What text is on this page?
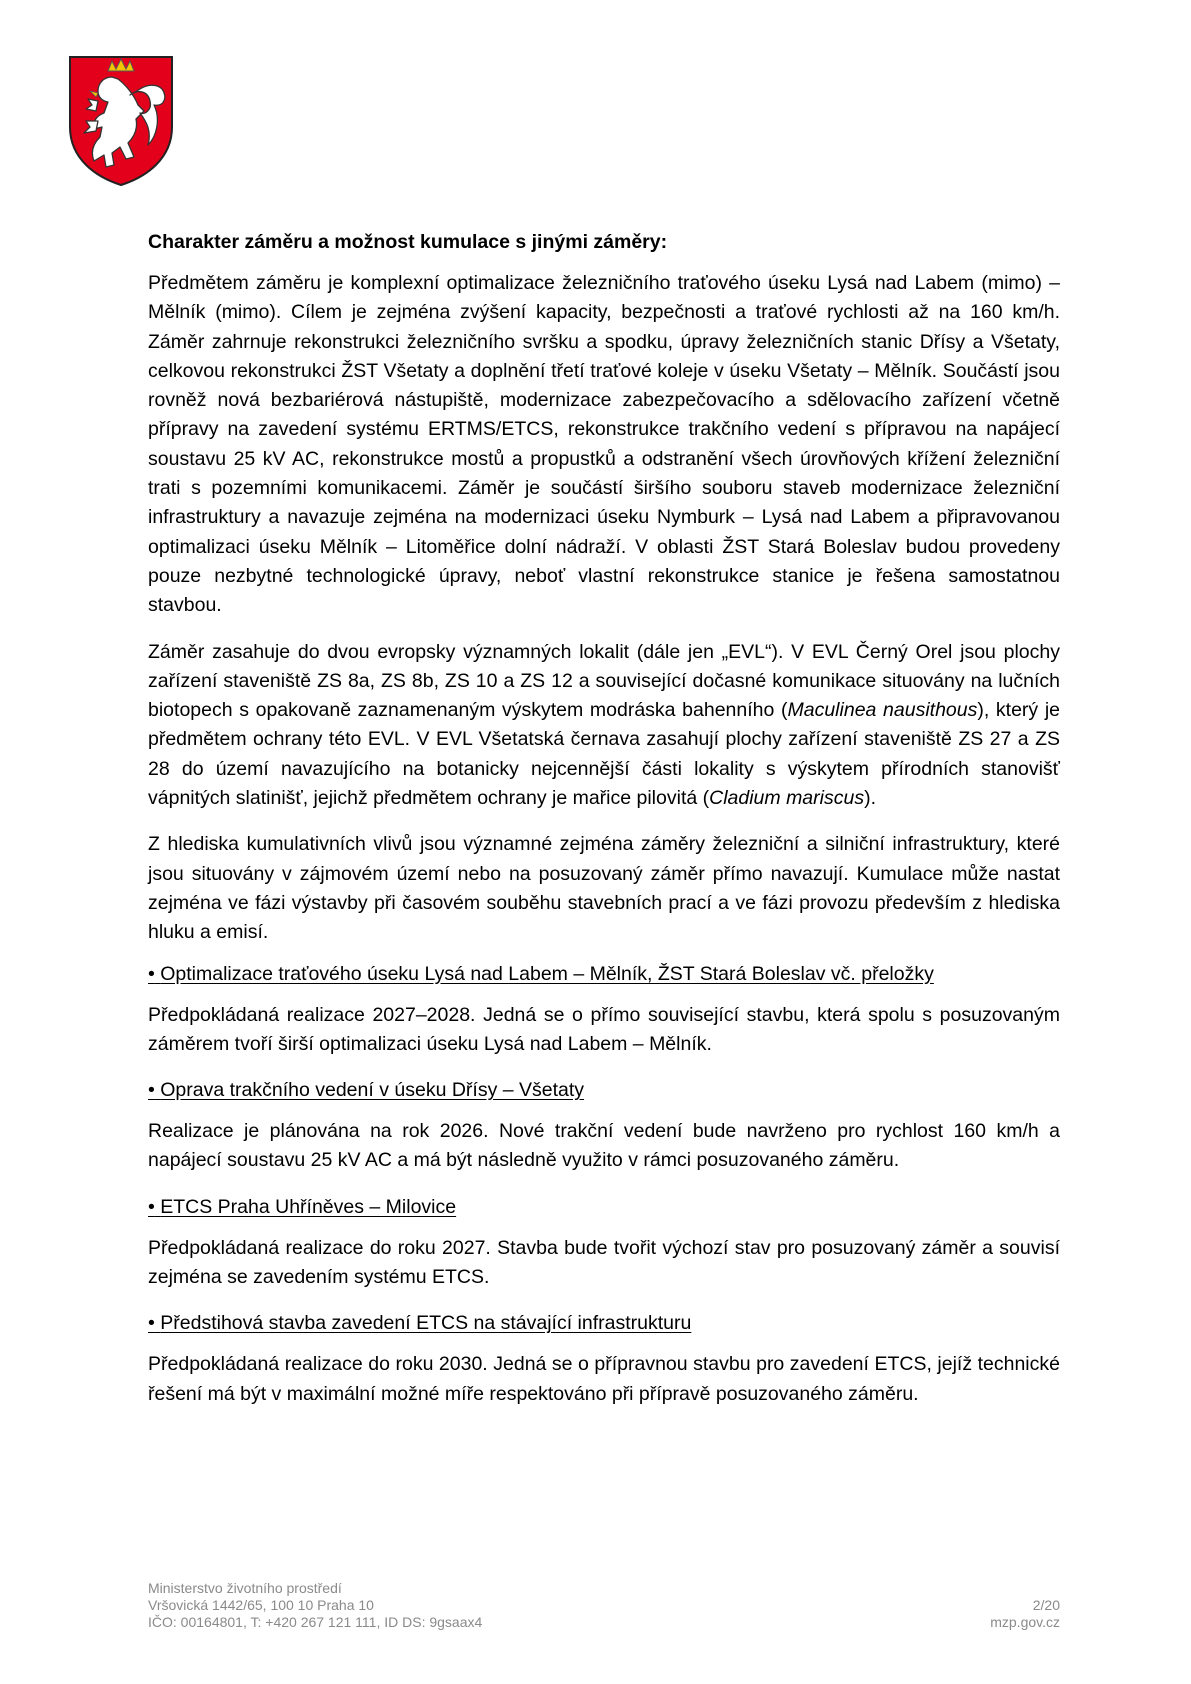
Charakter záměru a možnost kumulace s jinými záměry:

Předmětem záměru je komplexní optimalizace železničního traťového úseku Lysá nad Labem (mimo) – Mělník (mimo). Cílem je zejména zvýšení kapacity, bezpečnosti a traťové rychlosti až na 160 km/h. Záměr zahrnuje rekonstrukci železničního svršku a spodku, úpravy železničních stanic Dřísy a Všetaty, celkovou rekonstrukci ŽST Všetaty a doplnění třetí traťové koleje v úseku Všetaty – Mělník. Součástí jsou rovněž nová bezbariérová nástupiště, modernizace zabezpečovacího a sdělovacího zařízení včetně přípravy na zavedení systému ERTMS/ETCS, rekonstrukce trakčního vedení s přípravou na napájecí soustavu 25 kV AC, rekonstrukce mostů a propustků a odstranění všech úrovňových křížení železniční trati s pozemními komunikacemi. Záměr je součástí širšího souboru staveb modernizace železniční infrastruktury a navazuje zejména na modernizaci úseku Nymburk – Lysá nad Labem a připravovanou optimalizaci úseku Mělník – Litoměřice dolní nádraží. V oblasti ŽST Stará Boleslav budou provedeny pouze nezbytné technologické úpravy, neboť vlastní rekonstrukce stanice je řešena samostatnou stavbou.

Záměr zasahuje do dvou evropsky významných lokalit (dále jen „EVL“). V EVL Černý Orel jsou plochy zařízení staveniště ZS 8a, ZS 8b, ZS 10 a ZS 12 a související dočasné komunikace situovány na lučních biotopech s opakovaně zaznamenaným výskytem modráska bahenního (Maculinea nausithous), který je předmětem ochrany této EVL. V EVL Všetatská černava zasahují plochy zařízení staveniště ZS 27 a ZS 28 do území navazujícího na botanicky nejcennější části lokality s výskytem přírodních stanovišť vápnitých slatinišť, jejichž předmětem ochrany je mařice pilovitá (Cladium mariscus).

Z hlediska kumulativních vlivů jsou významné zejména záměry železniční a silniční infrastruktury, které jsou situovány v zájmovém území nebo na posuzovaný záměr přímo navazují. Kumulace může nastat zejména ve fázi výstavby při časovém souběhu stavebních prací a ve fázi provozu především z hlediska hluku a emisí.

• Optimalizace traťového úseku Lysá nad Labem – Mělník, ŽST Stará Boleslav vč. přeložky

Předpokládaná realizace 2027–2028. Jedná se o přímo související stavbu, která spolu s posuzovaným záměrem tvoří širší optimalizaci úseku Lysá nad Labem – Mělník.

• Oprava trakčního vedení v úseku Dřísy – Všetaty

Realizace je plánována na rok 2026. Nové trakční vedení bude navrženo pro rychlost 160 km/h a napájecí soustavu 25 kV AC a má být následně využito v rámci posuzovaného záměru.

• ETCS Praha Uhříněves – Milovice

Předpokládaná realizace do roku 2027. Stavba bude tvořit výchozí stav pro posuzovaný záměr a souvisí zejména se zavedením systému ETCS.

• Předstihová stavba zavedení ETCS na stávající infrastrukturu

Předpokládaná realizace do roku 2030. Jedná se o přípravnou stavbu pro zavedení ETCS, jejíž technické řešení má být v maximální možné míře respektováno při přípravě posuzovaného záměru.

Ministerstvo životního prostředí
Vršovická 1442/65, 100 10 Praha 10
IČO: 00164801, T: +420 267 121 111, ID DS: 9gsaax4
2/20
mzp.gov.cz
